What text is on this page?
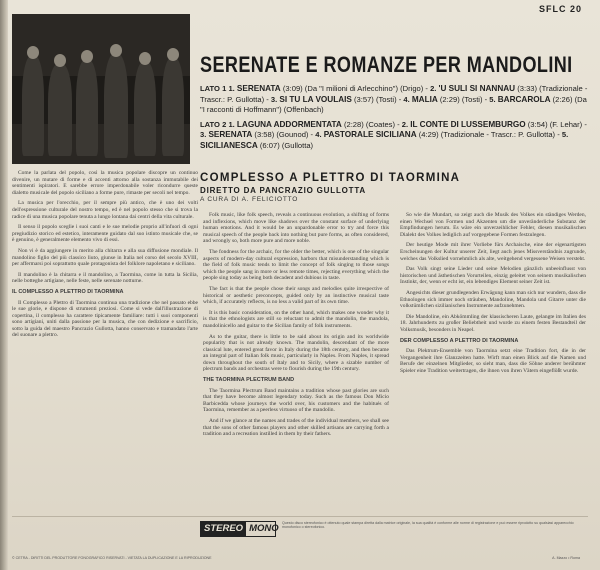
SFLC 20
SERENATE E ROMANZE PER MANDOLINI

LATO 1 1. SERENATA (3:09) (Da "I milioni di Arlecchino") (Drigo) - 2. 'U SULI SI NANNAU (3:33) (Tradizionale - Trascr.: P. Gullotta) - 3. SI TU LA VOULAIS (3:57) (Tosti) - 4. MALIA (2:29) (Tosti) - 5. BARCAROLA (2:26) (Da "I racconti di Hoffmann") (Offenbach)

LATO 2 1. LAGUNA ADDORMENTATA (2:28) (Coates) - 2. IL CONTE DI LUSSEMBURGO (3:54) (F. Lehar) - 3. SERENATA (3:58) (Gounod) - 4. PASTORALE SICILIANA (4:29) (Tradizionale - Trascr.: P. Gullotta) - 5. SICILIANESCA (6:07) (Gullotta)

COMPLESSO A PLETTRO DI TAORMINA
DIRETTO DA PANCRAZIO GULLOTTA
A CURA DI A. FELICIOTTO

Come la parlata del popolo, così la musica popolare discopre un continuo divenire, un mutare di forme e di accenti attorno alla sostanza immutabile dei sentimenti ispiratori. E sarebbe errore imperdonabile voler ricondurre queste dialetto musicale del popolo siciliano a forme pure, rimaste per secoli nel tempo.

La musica per l'orecchio, per il sempre più antico, che è uno dei volti dell'espressione culturale del nostro tempo, ed è nel popolo stesso che si trova la radice di una musica popolare tenuta a lungo lontana dai centri della vita culturale.

Il senso il popolo sceglie i suoi canti e le sue melodie proprio all'infuori di ogni pregiudizio storico ed estetico, interamente guidato dal suo istinto musicale che, se è genuino, è generalmente elemento vivo di essi.

Non vi è da aggiungere in merito alla chitarra e alla sua diffusione mondiale. Il mandolino figlio del più classico liuto, giunse in Italia nel corso del secolo XVIII, per affermarsi poi soprattutto quale protagonista del folklore napoletano e siciliano.

Il mandolino è la chitarra e il mandolino, a Taormina, come in tutta la Sicilia, nelle botteghe artigiane, nelle feste, nelle serenate notturne.

IL COMPLESSO A PLETTRO DI TAORMINA

Il Complesso a Plettro di Taormina continua una tradizione che nel passato ebbe le sue glorie, e dispone di strumenti preziosi. Come si vede dall'illustrazione di copertina, il complesso ha carattere tipicamente familiare: tutti i suoi componenti sono artigiani, uniti dalla passione per la musica, che con dedizione e sacrificio, sotto la guida del maestro Pancrazio Gullotta, hanno conservato e tramandato l'arte del suonare a plettro.

Folk music, like folk speech, reveals a continuous evolution, a shifting of forms and inflexions, which move like shadows over the constant surface of underlying human emotions. And it would be an unpardonable error to try and force this musical speech of the people back into nothing but pure forms, as often considered, and wrongly so, both more pure and more noble.

The fondness for the archaic, for the older the better, which is one of the singular aspects of modern-day cultural expression, harbors that misunderstanding which is the field of folk music tends to limit the concept of folk singing to those songs which the people sang in more or less remote times, rejecting everything which the people sing today as being both decadent and dubious in taste.

The fact is that the people chose their songs and melodies quite irrespective of historical or aesthetic preconcepts, guided only by an instinctive musical taste which, if accurately reflects, is no less a valid part of its own time.

It is this basic consideration, on the other hand, which makes one wonder why it is that the ethnologists are still so reluctant to admit the mandolin, the mandola, mandolinicello and guitar to the Sicilian family of folk instruments.

As to the guitar, there is little to be said about its origin and its worldwide popularity that is not already known. The mandolin, descendant of the more classical lute, entered great favor in Italy during the 18th century, and then became an integral part of Italian folk music, particularly in Naples. From Naples, it spread down throughout the south of Italy and to Sicily, where a sizable number of plectrum bands and orchestras were to flourish during the 19th century.

THE TAORMINA PLECTRUM BAND

The Taormina Plectrum Band maintains a tradition whose past glories are such that they have become almost legendary today. Such as the famous Don Micio Barbicedda whose journeys the world over, his customers and the habitués of Taormina, remember as a peerless virtuoso of the mandolin.

And if we glance at the names and trades of the individual members, we shall see that the sons of other famous players and other skilled artisans are carrying forth a tradition and a recreation instilled in them by their fathers.

So wie die Mundart, so zeigt auch die Musik des Volkes ein ständiges Werden, einen Wechsel von Formen und Akzenten um die unveränderliche Substanz der Empfindungen herum. Es wäre ein unverzeihlicher Fehler, diesen musikalischen Dialekt des Volkes lediglich auf vorgegebene Formen festzulegen.

Der heutige Mode mit ihrer Vorliebe fürs Archaische, eine der eigenartigsten Erscheinungen der Kultur unserer Zeit, liegt auch jenes Missverständnis zugrunde, welches das Volkslied vornehmlich als alte, weitgehend vergessene Weisen versteht.

Das Volk singt seine Lieder und seine Melodien gänzlich unbeeinflusst von historischen und ästhetischen Vorurteilen, einzig geleitet von seinem musikalischen Instinkt, der, wenn er echt ist, ein lebendiges Element seiner Zeit ist.

Angesichts dieser grundlegenden Erwägung kann man sich nur wundern, dass die Ethnologen sich immer noch sträuben, Mandoline, Mandola und Gitarre unter die volkstümlichen sizilianischen Instrumente aufzunehmen.

Die Mandoline, ein Abkömmling der klassischeren Laute, gelangte im Italien des 18. Jahrhunderts zu großer Beliebtheit und wurde zu einem festen Bestandteil der Volksmusik, besonders in Neapel.

DER COMPLESSO A PLETTRO DI TAORMINA

Das Plektrum-Ensemble von Taormina setzt eine Tradition fort, die in der Vergangenheit ihre Glanzzeiten hatte. Wirft man einen Blick auf die Namen und Berufe der einzelnen Mitglieder, so sieht man, dass die Söhne anderer berühmter Spieler eine Tradition weitertragen, die ihnen von ihren Vätern eingeflößt wurde.

STEREO MONO Questo disco stereofonico è ottenuto quale stampa diretta dalla matrice originale, la sua qualità è conforme alle norme di registrazione e può essere riprodotto su qualsiasi apparecchio monofonico o stereofonico.
© CETRA - DIRITTI DEL PRODUTTORE FONOGRAFICO RISERVATI - VIETATA LA DUPLICAZIONE E LA RIPRODUZIONE	A. Mazzo • Roma
